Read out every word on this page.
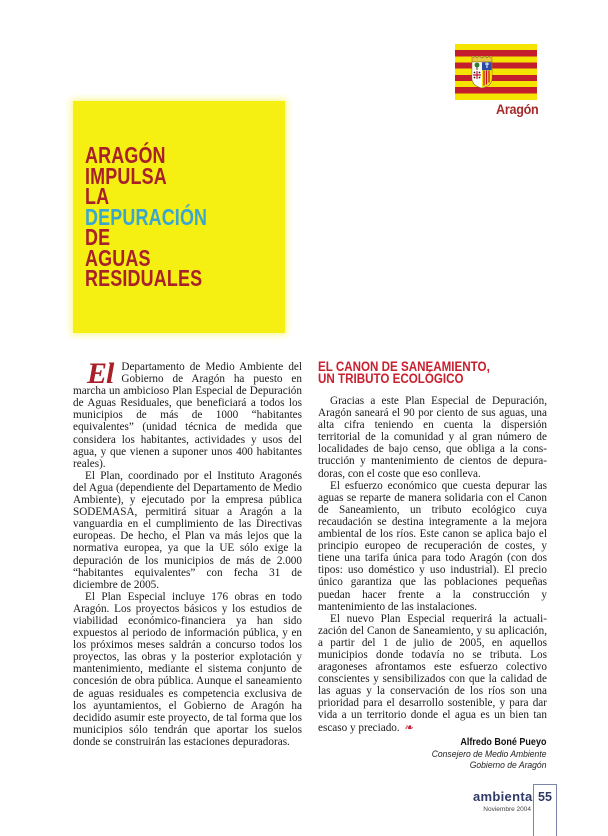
Aragón
ARAGÓN
IMPULSA
LA
DEPURACIÓN
DE
AGUAS
RESIDUALES

El Departamento de Medio Ambiente del Gobierno de Aragón ha puesto en marcha un ambicioso Plan Especial de Depuración de Aguas Residuales, que beneficiará a todos los municipios de más de 1000 “habitantes equivalentes” (unidad técnica de medida que considera los habitantes, actividades y usos del agua, y que vienen a suponer unos 400 habitantes reales).

El Plan, coordinado por el Instituto Aragonés del Agua (dependiente del Departamento de Medio Ambiente), y ejecutado por la empresa pública SODEMASA, permitirá situar a Aragón a la vanguardia en el cumplimiento de las Directivas europeas. De hecho, el Plan va más lejos que la normativa europea, ya que la UE sólo exige la depuración de los municipios de más de 2.000 “habitantes equivalentes” con fecha 31 de diciembre de 2005.

El Plan Especial incluye 176 obras en todo Aragón. Los proyectos básicos y los estudios de viabilidad económico-financiera ya han sido expuestos al periodo de información pública, y en los próximos meses saldrán a concurso todos los proyectos, las obras y la posterior explotación y mantenimiento, mediante el sistema conjunto de concesión de obra pública. Aunque el saneamiento de aguas residuales es competencia exclusiva de los ayuntamientos, el Gobierno de Aragón ha decidido asumir este proyecto, de tal forma que los municipios sólo tendrán que aportar los suelos donde se construirán las estaciones depuradoras.

EL CANON DE SANEAMIENTO,
UN TRIBUTO ECOLÓGICO

Gracias a este Plan Especial de Depuración, Aragón saneará el 90 por ciento de sus aguas, una alta cifra teniendo en cuenta la dispersión territorial de la comunidad y al gran número de localidades de bajo censo, que obliga a la construcción y mantenimiento de cientos de depuradoras, con el coste que eso conlleva.

El esfuerzo económico que cuesta depurar las aguas se reparte de manera solidaria con el Canon de Saneamiento, un tributo ecológico cuya recaudación se destina integramente a la mejora ambiental de los ríos. Este canon se aplica bajo el principio europeo de recuperación de costes, y tiene una tarifa única para todo Aragón (con dos tipos: uso doméstico y uso industrial). El precio único garantiza que las poblaciones pequeñas puedan hacer frente a la construcción y mantenimiento de las instalaciones.

El nuevo Plan Especial requerirá la actualización del Canon de Saneamiento, y su aplicación, a partir del 1 de julio de 2005, en aquellos municipios donde todavía no se tributa. Los aragoneses afrontamos este esfuerzo colectivo conscientes y sensibilizados con que la calidad de las aguas y la conservación de los ríos son una prioridad para el desarrollo sostenible, y para dar vida a un territorio donde el agua es un bien tan escaso y preciado. ❧

Alfredo Boné Pueyo
Consejero de Medio Ambiente
Gobierno de Aragón
ambienta
Noviembre 2004
55
